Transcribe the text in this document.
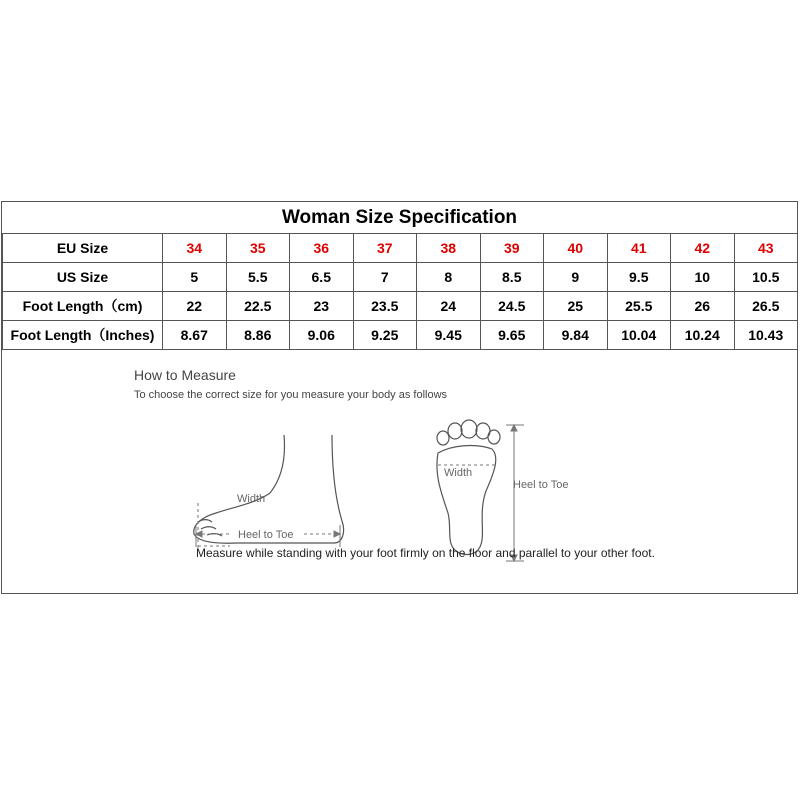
Woman Size Specification
EU Size	34	35	36	37	38	39	40	41	42	43
US Size	5	5.5	6.5	7	8	8.5	9	9.5	10	10.5
Foot Length（cm)	22	22.5	23	23.5	24	24.5	25	25.5	26	26.5
Foot Length（Inches)	8.67	8.86	9.06	9.25	9.45	9.65	9.84	10.04	10.24	10.43
Width
Heel to Toe
Width
Heel to Toe
How to Measure
To choose the correct size for you measure your body as follows
Measure while standing with your foot firmly on the floor and parallel to your other foot.
